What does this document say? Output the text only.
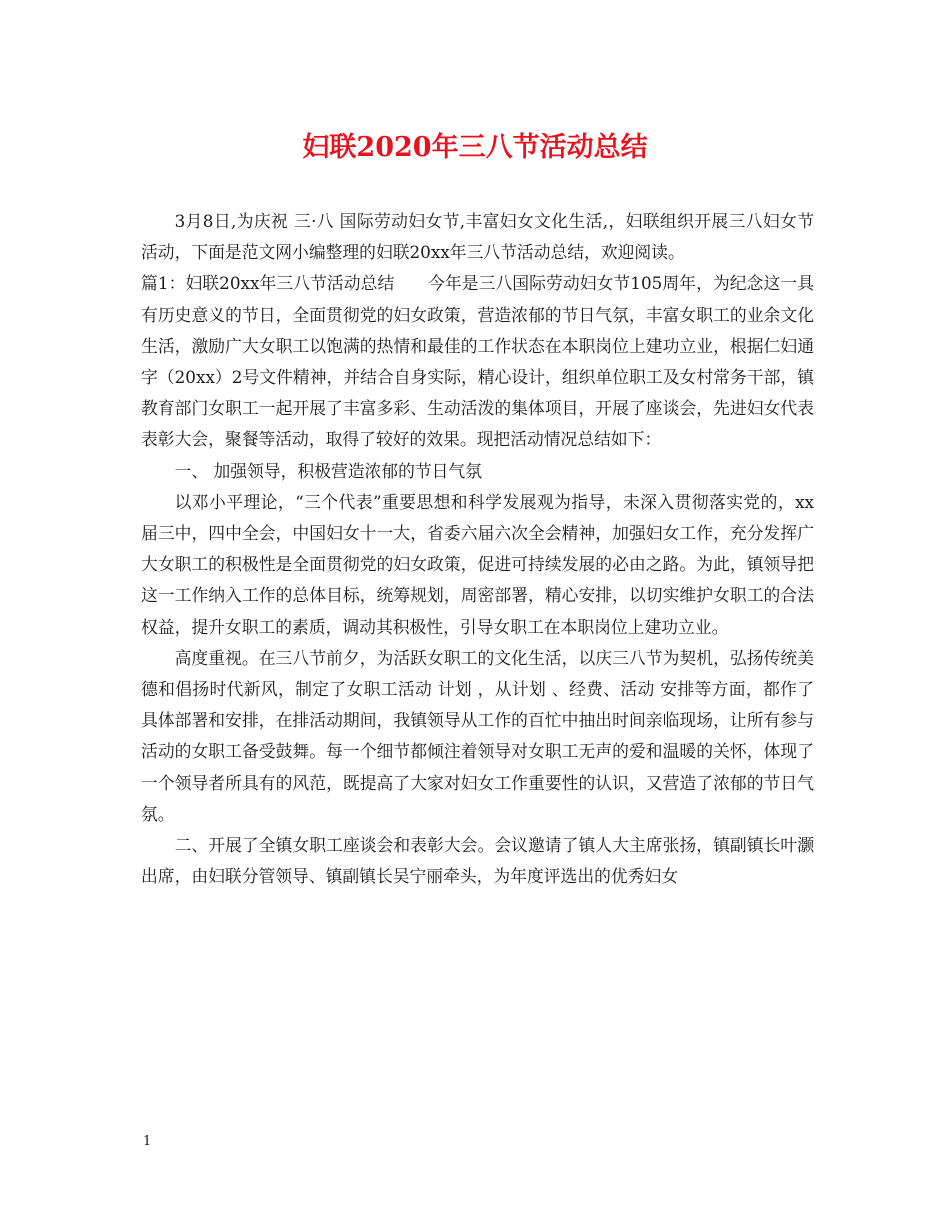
妇联2020年三八节活动总结

3月8日,为庆祝 三·八 国际劳动妇女节,丰富妇女文化生活,，妇联组织开展三八妇女节活动，下面是范文网小编整理的妇联20xx年三八节活动总结，欢迎阅读。

篇1：妇联20xx年三八节活动总结　　今年是三八国际劳动妇女节105周年，为纪念这一具有历史意义的节日，全面贯彻党的妇女政策，营造浓郁的节日气氛，丰富女职工的业余文化生活，激励广大女职工以饱满的热情和最佳的工作状态在本职岗位上建功立业，根据仁妇通字（20xx）2号文件精神，并结合自身实际，精心设计，组织单位职工及女村常务干部，镇教育部门女职工一起开展了丰富多彩、生动活泼的集体项目，开展了座谈会，先进妇女代表表彰大会，聚餐等活动，取得了较好的效果。现把活动情况总结如下：

一、 加强领导，积极营造浓郁的节日气氛

以邓小平理论，“三个代表”重要思想和科学发展观为指导，未深入贯彻落实党的，xx届三中，四中全会，中国妇女十一大，省委六届六次全会精神，加强妇女工作，充分发挥广大女职工的积极性是全面贯彻党的妇女政策，促进可持续发展的必由之路。为此，镇领导把这一工作纳入工作的总体目标，统筹规划，周密部署，精心安排，以切实维护女职工的合法权益，提升女职工的素质，调动其积极性，引导女职工在本职岗位上建功立业。

高度重视。在三八节前夕，为活跃女职工的文化生活，以庆三八节为契机，弘扬传统美德和倡扬时代新风，制定了女职工活动 计划 ，从计划 、经费、活动 安排等方面，都作了具体部署和安排，在排活动期间，我镇领导从工作的百忙中抽出时间亲临现场，让所有参与活动的女职工备受鼓舞。每一个细节都倾注着领导对女职工无声的爱和温暖的关怀，体现了一个领导者所具有的风范，既提高了大家对妇女工作重要性的认识，又营造了浓郁的节日气氛。

二、开展了全镇女职工座谈会和表彰大会。会议邀请了镇人大主席张扬，镇副镇长叶灏出席，由妇联分管领导、镇副镇长吴宁丽牵头，为年度评选出的优秀妇女

1
